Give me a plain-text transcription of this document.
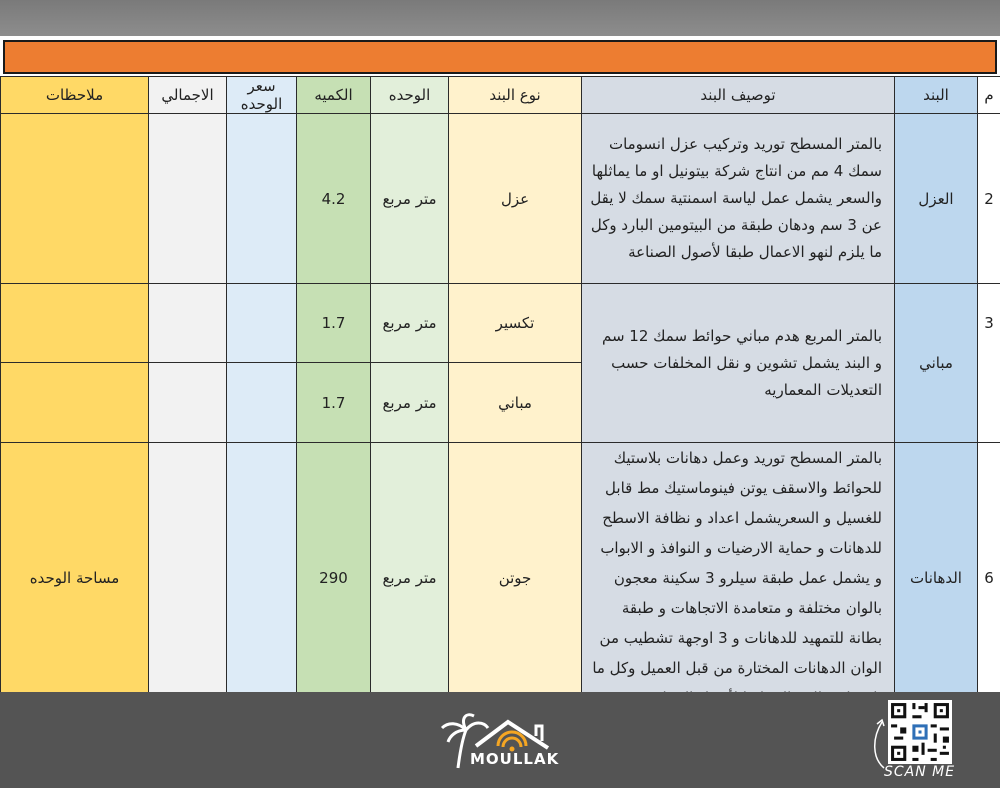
ملاحظات	الاجمالي	سعر الوحده	الكميه	الوحده	نوع البند	توصيف البند	البند	م
			4.2	متر مربع	عزل	بالمتر المسطح توريد وتركيب عزل انسومات سمك 4 مم من انتاج شركة بيتونيل او ما يماثلها والسعر يشمل عمل لياسة اسمنتية سمك لا يقل عن 3 سم ودهان طبقة من البيتومين البارد وكل ما يلزم لنهو الاعمال طبقا لأصول الصناعة	العزل	2
			1.7	متر مربع	تكسير	بالمتر المربع هدم مباني حوائط سمك 12 سم و البند يشمل تشوين و نقل المخلفات حسب التعديلات المعماريه	مباني	3
			1.7	متر مربع	مباني			
مساحة الوحده			290	متر مربع	جوتن	بالمتر المسطح توريد وعمل دهانات بلاستيك للحوائط والاسقف يوتن فينوماستيك مط قابل للغسيل و السعريشمل اعداد و نظافة الاسطح للدهانات و حماية الارضيات و النوافذ و الابواب و يشمل عمل طبقة سيلرو 3 سكينة معجون بالوان مختلفة و متعامدة الاتجاهات و طبقة بطانة للتمهيد للدهانات و 3 اوجهة تشطيب من الوان الدهانات المختارة من قبل العميل وكل ما	الدهانات	6
MOULLAK
SCAN ME
